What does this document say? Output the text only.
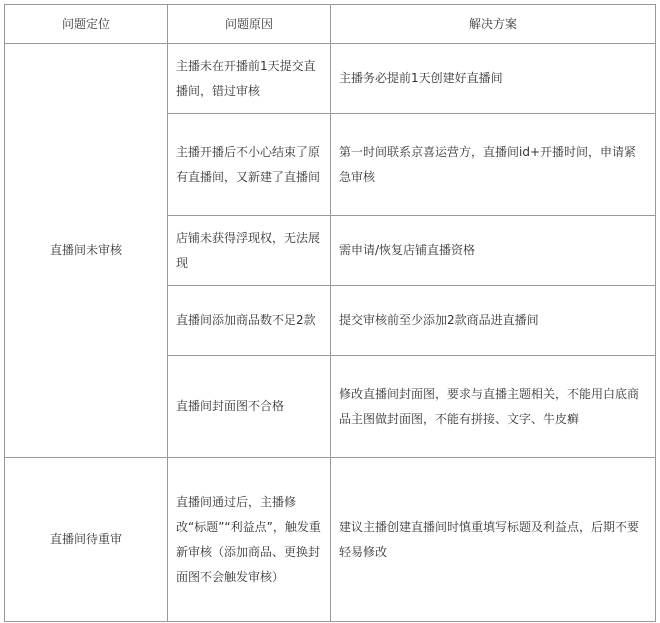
问题定位	问题原因	解决方案
直播间未审核	主播未在开播前1天提交直播间，错过审核	主播务必提前1天创建好直播间
	主播开播后不小心结束了原有直播间，又新建了直播间	第一时间联系京喜运营方，直播间id+开播时间，申请紧急审核
	店铺未获得浮现权，无法展现	需申请/恢复店铺直播资格
	直播间添加商品数不足2款	提交审核前至少添加2款商品进直播间
	直播间封面图不合格	修改直播间封面图，要求与直播主题相关，不能用白底商品主图做封面图，不能有拼接、文字、牛皮癣
直播间待重审	直播间通过后，主播修改“标题”“利益点”，触发重新审核（添加商品、更换封面图不会触发审核）	建议主播创建直播间时慎重填写标题及利益点，后期不要轻易修改
